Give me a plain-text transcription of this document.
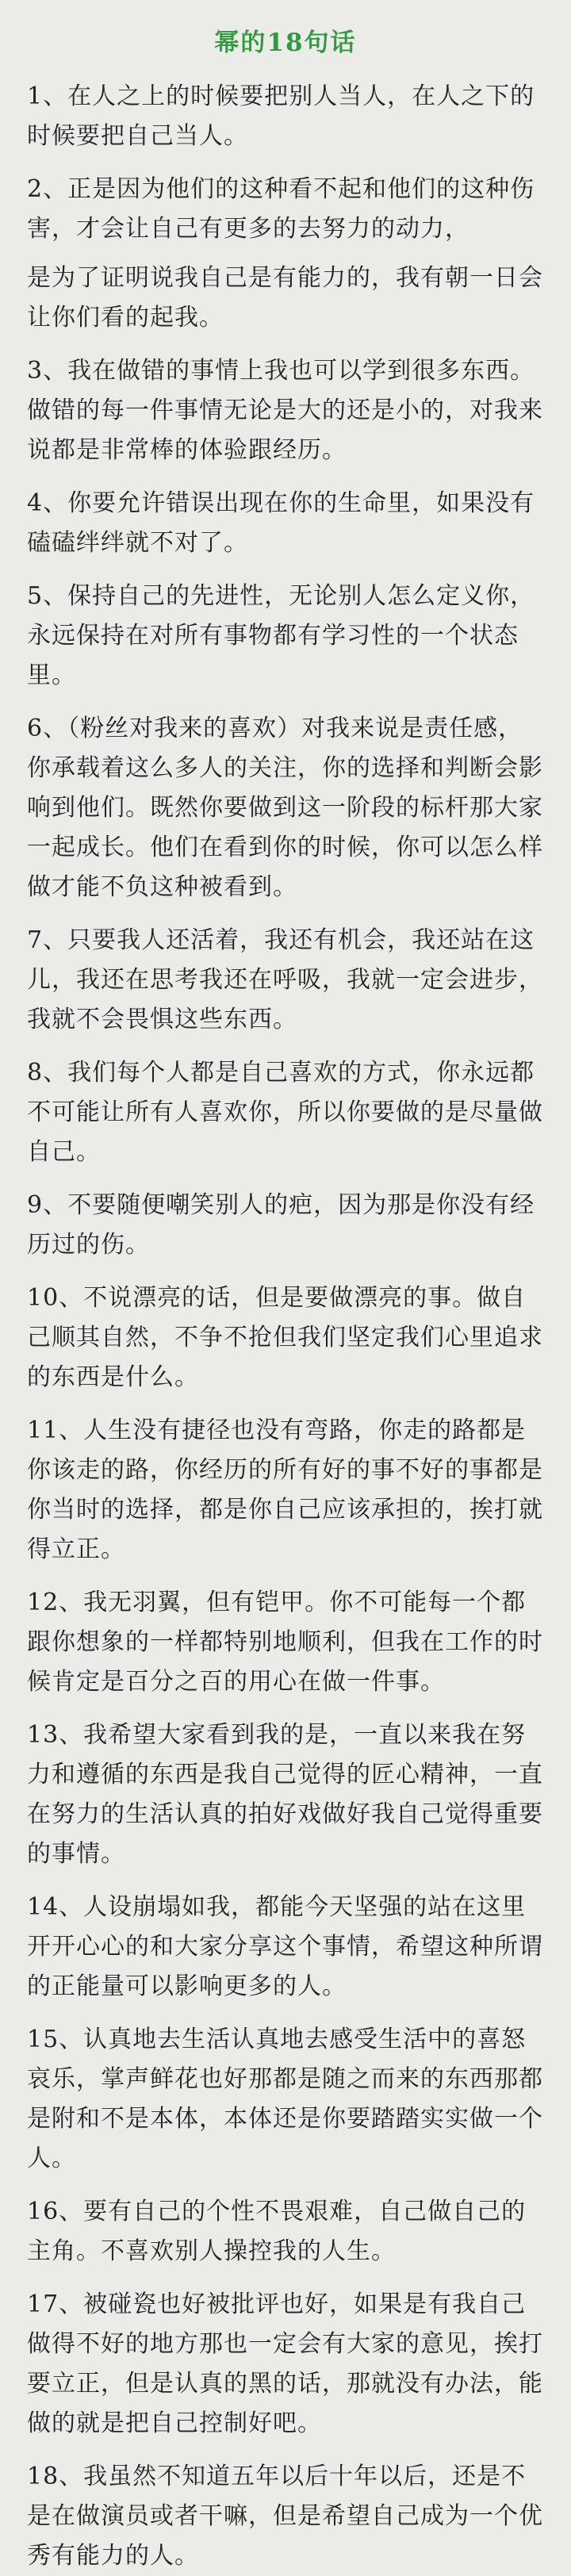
幂的18句话

1、在人之上的时候要把别人当人，在人之下的时候要把自己当人。

2、正是因为他们的这种看不起和他们的这种伤害，才会让自己有更多的去努力的动力，

是为了证明说我自己是有能力的，我有朝一日会让你们看的起我。

3、我在做错的事情上我也可以学到很多东西。做错的每一件事情无论是大的还是小的，对我来说都是非常棒的体验跟经历。

4、你要允许错误出现在你的生命里，如果没有磕磕绊绊就不对了。

5、保持自己的先进性，无论别人怎么定义你，永远保持在对所有事物都有学习性的一个状态里。

6、（粉丝对我来的喜欢）对我来说是责任感，你承载着这么多人的关注，你的选择和判断会影响到他们。既然你要做到这一阶段的标杆那大家一起成长。他们在看到你的时候，你可以怎么样做才能不负这种被看到。

7、只要我人还活着，我还有机会，我还站在这儿，我还在思考我还在呼吸，我就一定会进步，我就不会畏惧这些东西。

8、我们每个人都是自己喜欢的方式，你永远都不可能让所有人喜欢你，所以你要做的是尽量做自己。

9、不要随便嘲笑别人的疤，因为那是你没有经历过的伤。

10、不说漂亮的话，但是要做漂亮的事。做自己顺其自然，不争不抢但我们坚定我们心里追求的东西是什么。

11、人生没有捷径也没有弯路，你走的路都是你该走的路，你经历的所有好的事不好的事都是你当时的选择，都是你自己应该承担的，挨打就得立正。

12、我无羽翼，但有铠甲。你不可能每一个都跟你想象的一样都特别地顺利，但我在工作的时候肯定是百分之百的用心在做一件事。

13、我希望大家看到我的是，一直以来我在努力和遵循的东西是我自己觉得的匠心精神，一直在努力的生活认真的拍好戏做好我自己觉得重要的事情。

14、人设崩塌如我，都能今天坚强的站在这里开开心心的和大家分享这个事情，希望这种所谓的正能量可以影响更多的人。

15、认真地去生活认真地去感受生活中的喜怒哀乐，掌声鲜花也好那都是随之而来的东西那都是附和不是本体，本体还是你要踏踏实实做一个人。

16、要有自己的个性不畏艰难，自己做自己的主角。不喜欢别人操控我的人生。

17、被碰瓷也好被批评也好，如果是有我自己做得不好的地方那也一定会有大家的意见，挨打要立正，但是认真的黑的话，那就没有办法，能做的就是把自己控制好吧。

18、我虽然不知道五年以后十年以后，还是不是在做演员或者干嘛，但是希望自己成为一个优秀有能力的人。
